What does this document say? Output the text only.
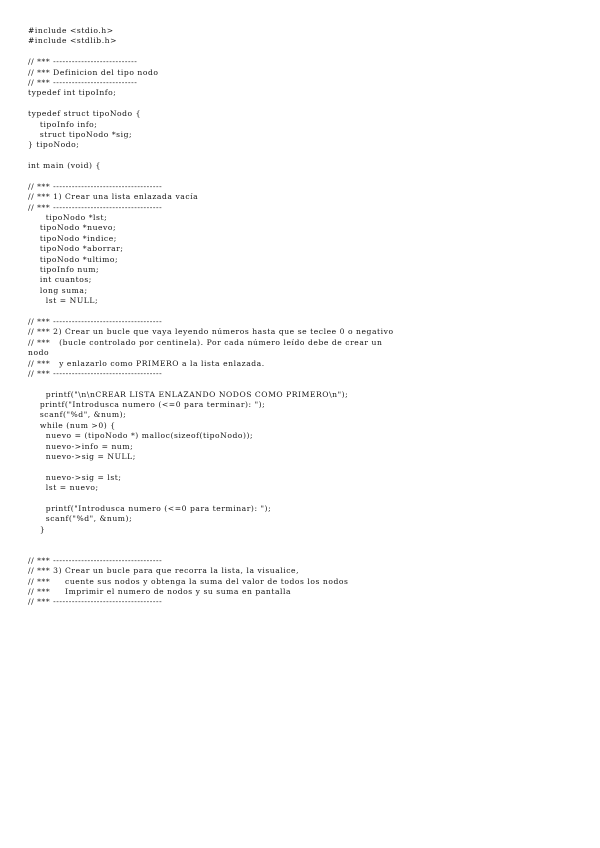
#include <stdio.h>
#include <stdlib.h>
// *** ---------------------------
// *** Definicion del tipo nodo
// *** ---------------------------
typedef int tipoInfo;
typedef struct tipoNodo {
tipoInfo info;
struct tipoNodo *sig;
} tipoNodo;
int main (void) {
// *** -----------------------------------
// *** 1) Crear una lista enlazada vacía
// *** -----------------------------------
tipoNodo *lst;
tipoNodo *nuevo;
tipoNodo *indice;
tipoNodo *aborrar;
tipoNodo *ultimo;
tipoInfo num;
int cuantos;
long suma;
lst = NULL;
// *** -----------------------------------
// *** 2) Crear un bucle que vaya leyendo números hasta que se teclee 0 o negativo
// ***   (bucle controlado por centinela). Por cada número leído debe de crear un
nodo
// ***   y enlazarlo como PRIMERO a la lista enlazada.
// *** -----------------------------------
printf("\n\nCREAR LISTA ENLAZANDO NODOS COMO PRIMERO\n");
printf("Introdusca numero (<=0 para terminar): ");
scanf("%d", &num);
while (num >0) {
nuevo = (tipoNodo *) malloc(sizeof(tipoNodo));
nuevo->info = num;
nuevo->sig = NULL;
nuevo->sig = lst;
lst = nuevo;
printf("Introdusca numero (<=0 para terminar): ");
scanf("%d", &num);
}
// *** -----------------------------------
// *** 3) Crear un bucle para que recorra la lista, la visualice,
// ***     cuente sus nodos y obtenga la suma del valor de todos los nodos
// ***     Imprimir el numero de nodos y su suma en pantalla
// *** -----------------------------------
